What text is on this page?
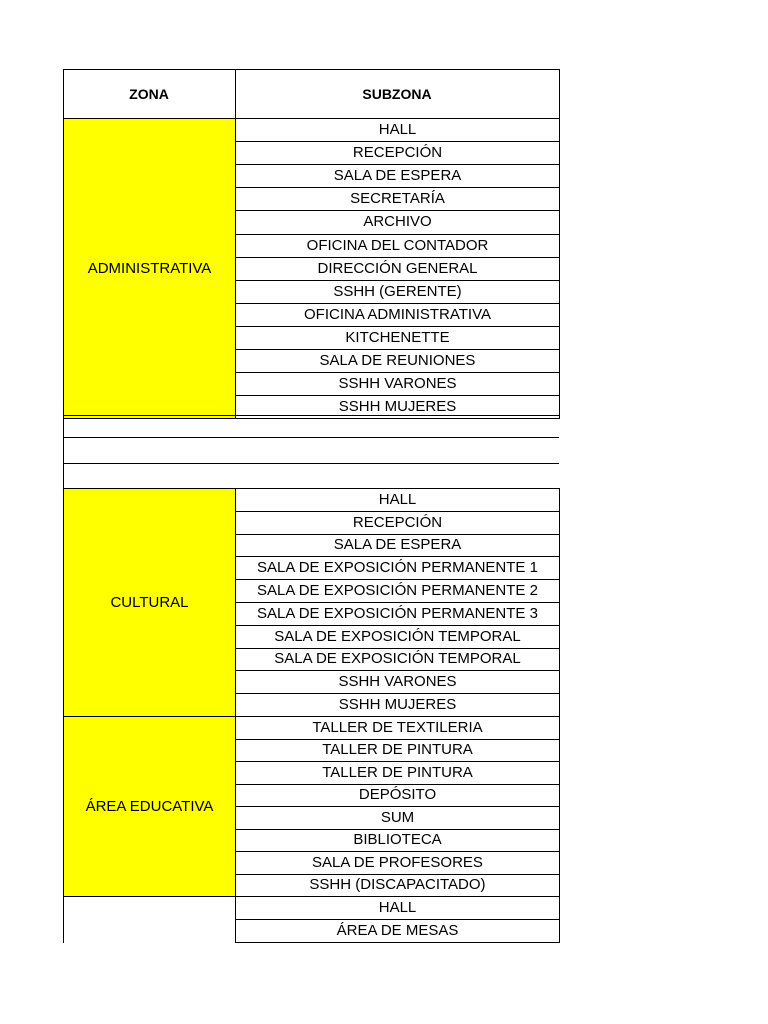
ZONA	SUBZONA
ADMINISTRATIVA
HALL
RECEPCIÓN
SALA DE ESPERA
SECRETARÍA
ARCHIVO
OFICINA DEL CONTADOR
DIRECCIÓN GENERAL
SSHH (GERENTE)
OFICINA ADMINISTRATIVA
KITCHENETTE
SALA DE REUNIONES
SSHH VARONES
SSHH MUJERES
CULTURAL
HALL
RECEPCIÓN
SALA DE ESPERA
SALA DE EXPOSICIÓN PERMANENTE 1
SALA DE EXPOSICIÓN PERMANENTE 2
SALA DE EXPOSICIÓN PERMANENTE 3
SALA DE EXPOSICIÓN TEMPORAL
SALA DE EXPOSICIÓN TEMPORAL
SSHH VARONES
SSHH MUJERES
ÁREA EDUCATIVA
TALLER DE TEXTILERIA
TALLER DE PINTURA
TALLER DE PINTURA
DEPÓSITO
SUM
BIBLIOTECA
SALA DE PROFESORES
SSHH (DISCAPACITADO)
HALL
ÁREA DE MESAS
